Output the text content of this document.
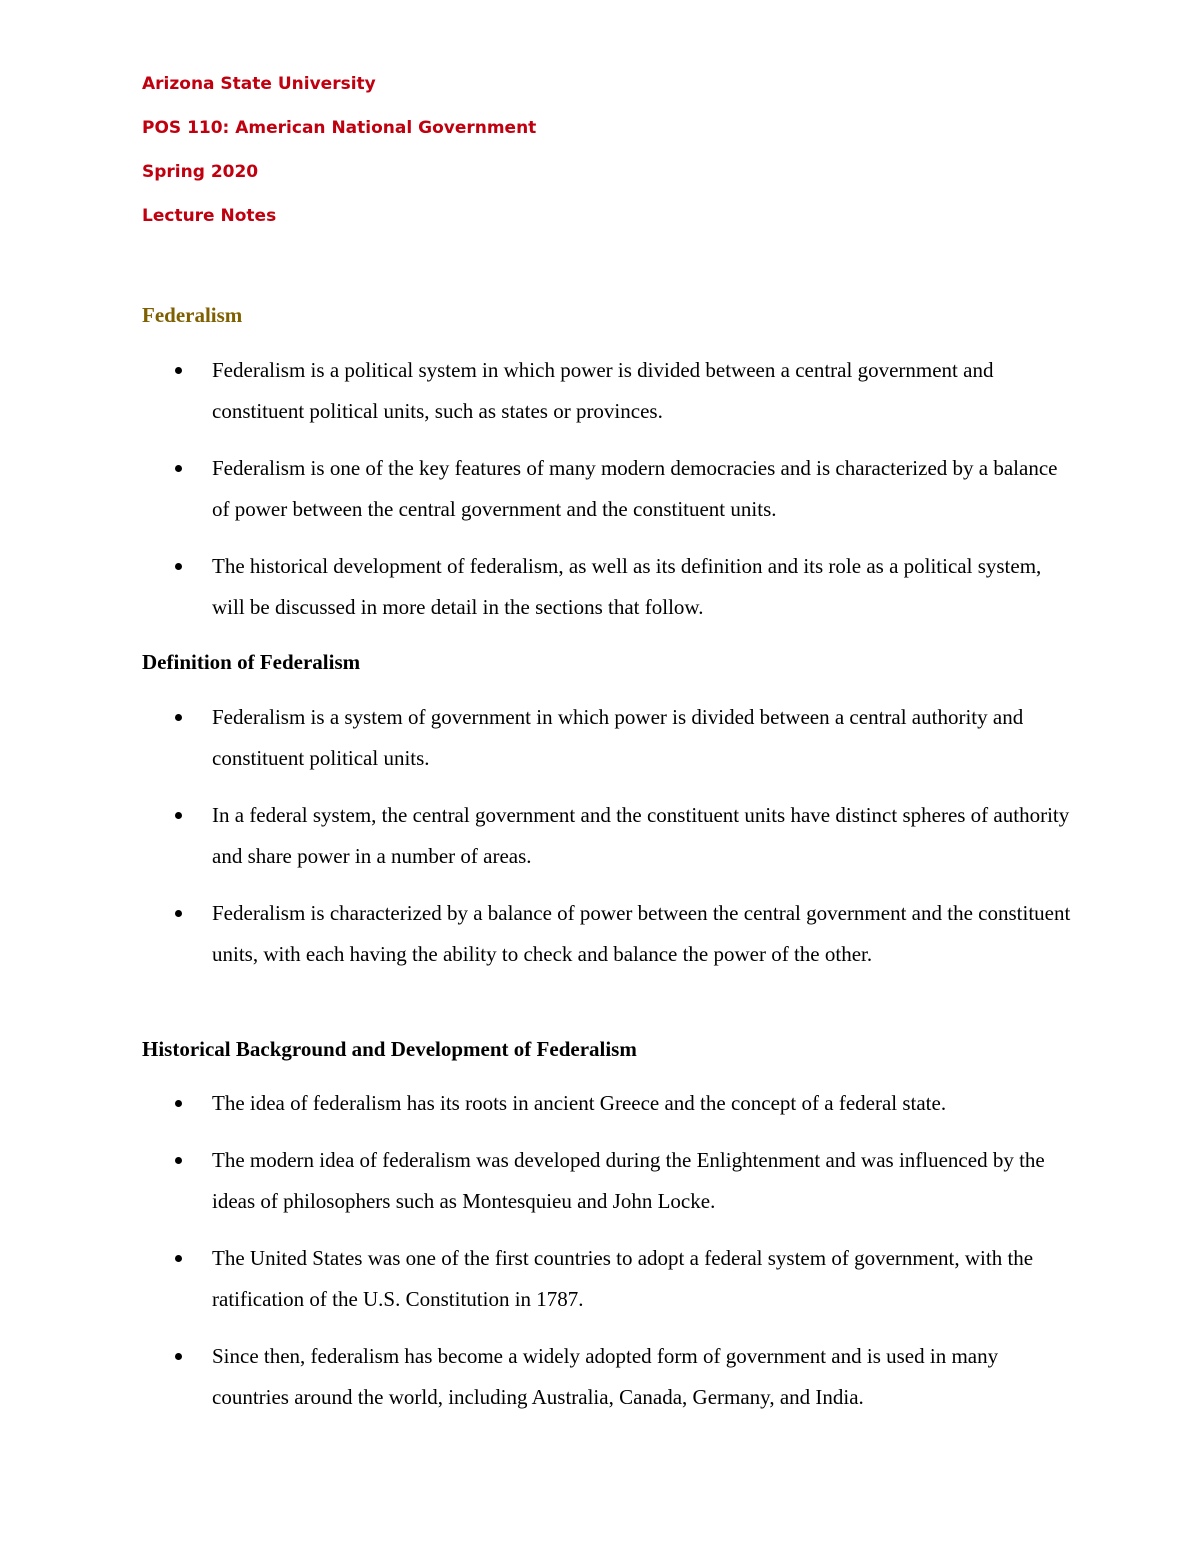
Arizona State University
POS 110: American National Government
Spring 2020
Lecture Notes
Federalism
Federalism is a political system in which power is divided between a central government and constituent political units, such as states or provinces.
Federalism is one of the key features of many modern democracies and is characterized by a balance of power between the central government and the constituent units.
The historical development of federalism, as well as its definition and its role as a political system, will be discussed in more detail in the sections that follow.
Definition of Federalism
Federalism is a system of government in which power is divided between a central authority and constituent political units.
In a federal system, the central government and the constituent units have distinct spheres of authority and share power in a number of areas.
Federalism is characterized by a balance of power between the central government and the constituent units, with each having the ability to check and balance the power of the other.
Historical Background and Development of Federalism
The idea of federalism has its roots in ancient Greece and the concept of a federal state.
The modern idea of federalism was developed during the Enlightenment and was influenced by the ideas of philosophers such as Montesquieu and John Locke.
The United States was one of the first countries to adopt a federal system of government, with the ratification of the U.S. Constitution in 1787.
Since then, federalism has become a widely adopted form of government and is used in many countries around the world, including Australia, Canada, Germany, and India.
